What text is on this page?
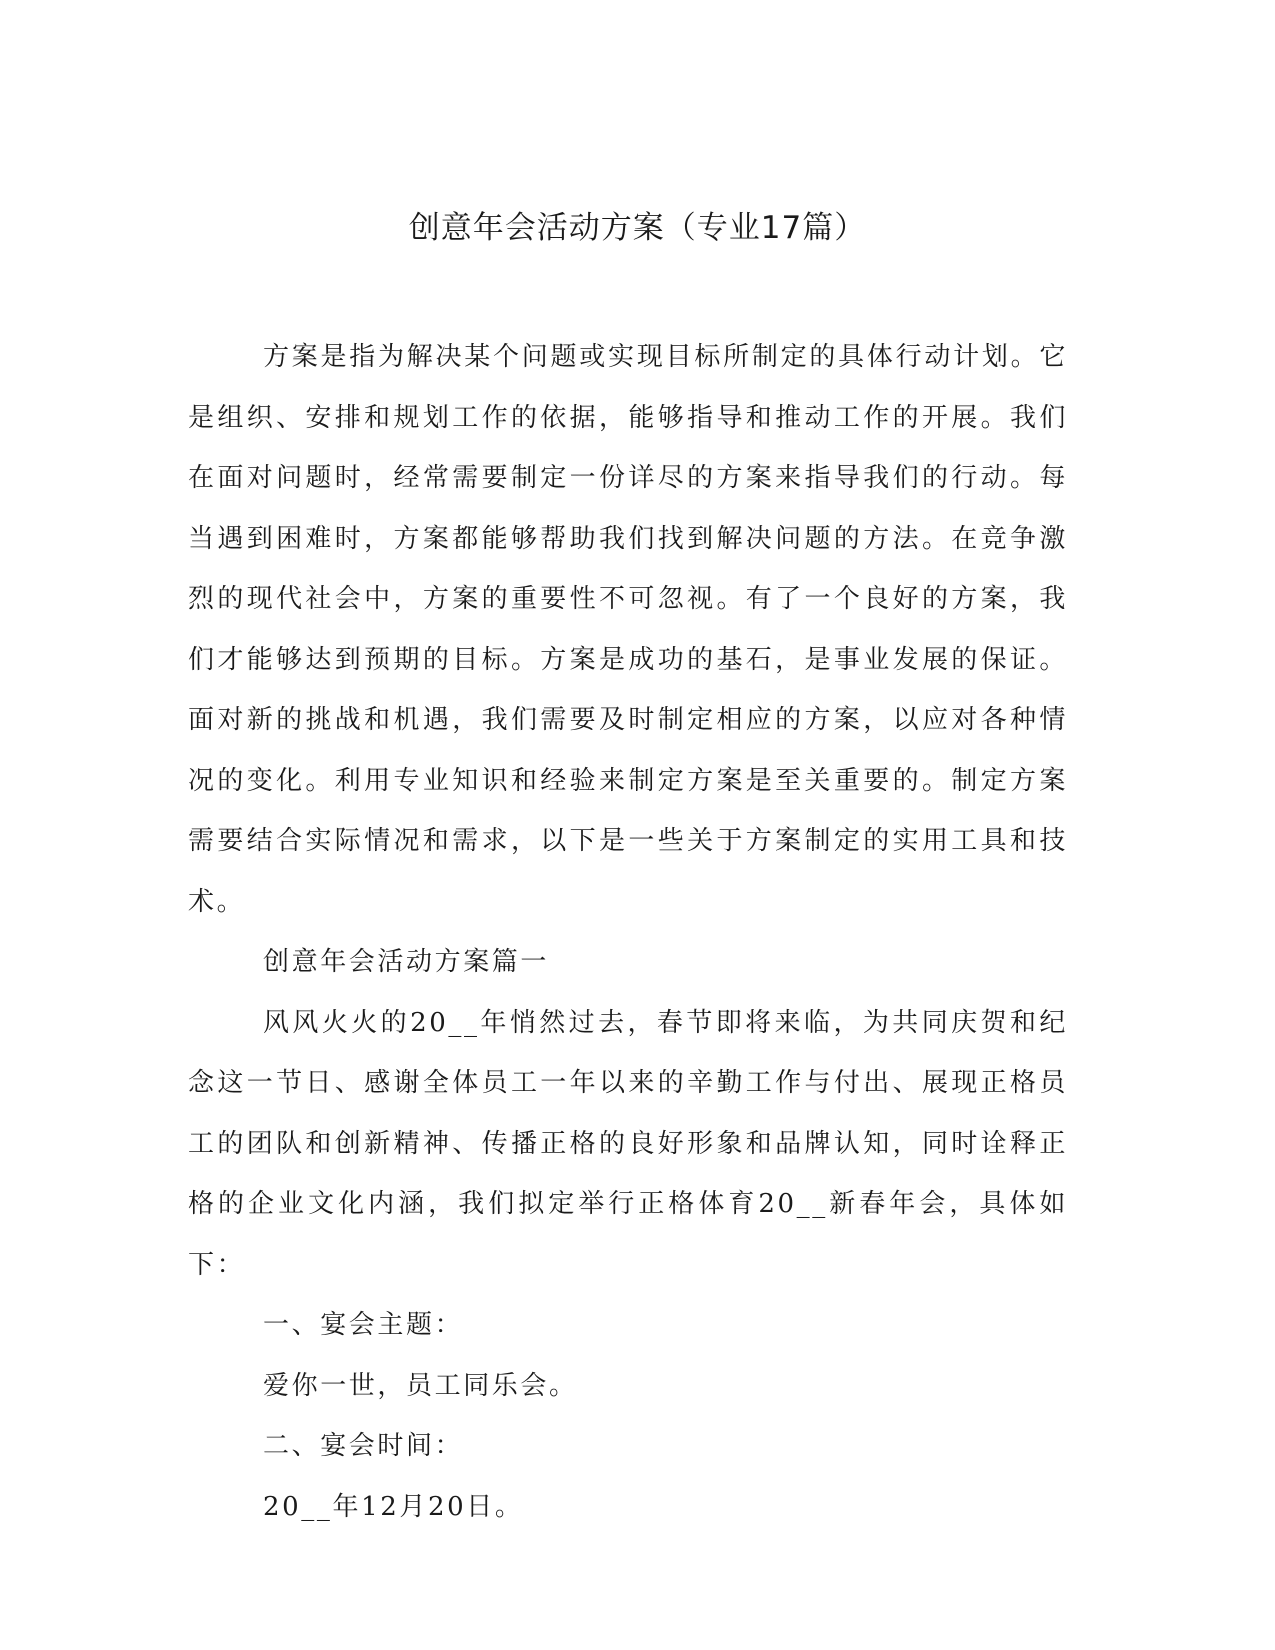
创意年会活动方案（专业17篇）

方案是指为解决某个问题或实现目标所制定的具体行动计划。它是组织、安排和规划工作的依据，能够指导和推动工作的开展。我们在面对问题时，经常需要制定一份详尽的方案来指导我们的行动。每当遇到困难时，方案都能够帮助我们找到解决问题的方法。在竞争激烈的现代社会中，方案的重要性不可忽视。有了一个良好的方案，我们才能够达到预期的目标。方案是成功的基石，是事业发展的保证。面对新的挑战和机遇，我们需要及时制定相应的方案，以应对各种情况的变化。利用专业知识和经验来制定方案是至关重要的。制定方案需要结合实际情况和需求，以下是一些关于方案制定的实用工具和技术。

创意年会活动方案篇一

风风火火的20__年悄然过去，春节即将来临，为共同庆贺和纪念这一节日、感谢全体员工一年以来的辛勤工作与付出、展现正格员工的团队和创新精神、传播正格的良好形象和品牌认知，同时诠释正格的企业文化内涵，我们拟定举行正格体育20__新春年会，具体如下：

一、宴会主题：

爱你一世，员工同乐会。

二、宴会时间：

20__年12月20日。
